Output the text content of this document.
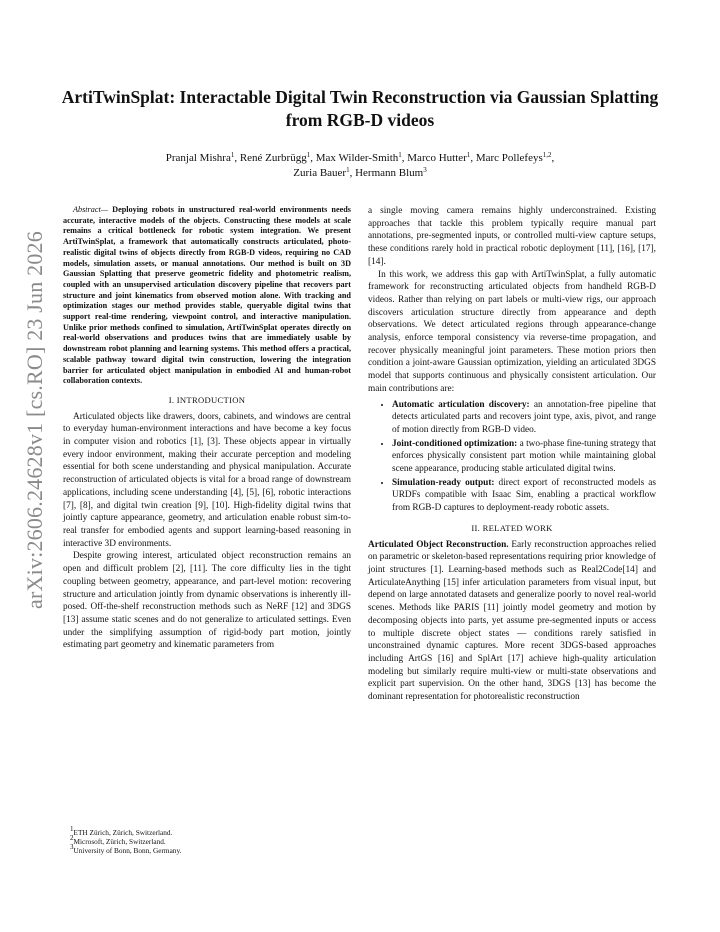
arXiv:2606.24628v1 [cs.RO] 23 Jun 2026
ArtiTwinSplat: Interactable Digital Twin Reconstruction via Gaussian Splatting from RGB-D videos
Pranjal Mishra$^1$, René Zurbrügg$^1$, Max Wilder-Smith$^1$, Marco Hutter$^1$, Marc Pollefeys$^{1,2}$,
Zuria Bauer$^1$, Hermann Blum$^3$

Abstract— Deploying robots in unstructured real-world environments needs accurate, interactive models of the objects. Constructing these models at scale remains a critical bottleneck for robotic system integration. We present ArtiTwinSplat, a framework that automatically constructs articulated, photo-realistic digital twins of objects directly from RGB-D videos, requiring no CAD models, simulation assets, or manual annotations. Our method is built on 3D Gaussian Splatting that preserve geometric fidelity and photometric realism, coupled with an unsupervised articulation discovery pipeline that recovers part structure and joint kinematics from observed motion alone. With tracking and optimization stages our method provides stable, queryable digital twins that support real-time rendering, viewpoint control, and interactive manipulation. Unlike prior methods confined to simulation, ArtiTwinSplat operates directly on real-world observations and produces twins that are immediately usable by downstream robot planning and learning systems. This method offers a practical, scalable pathway toward digital twin construction, lowering the integration barrier for articulated object manipulation in embodied AI and human-robot collaboration contexts.

I. INTRODUCTION

Articulated objects like drawers, doors, cabinets, and windows are central to everyday human-environment interactions and have become a key focus in computer vision and robotics [1], [3]. These objects appear in virtually every indoor environment, making their accurate perception and modeling essential for both scene understanding and physical manipulation. Accurate reconstruction of articulated objects is vital for a broad range of downstream applications, including scene understanding [4], [5], [6], robotic interactions [7], [8], and digital twin creation [9], [10]. High-fidelity digital twins that jointly capture appearance, geometry, and articulation enable robust sim-to-real transfer for embodied agents and support learning-based reasoning in interactive 3D environments.

Despite growing interest, articulated object reconstruction remains an open and difficult problem [2], [11]. The core difficulty lies in the tight coupling between geometry, appearance, and part-level motion: recovering structure and articulation jointly from dynamic observations is inherently ill-posed. Off-the-shelf reconstruction methods such as NeRF [12] and 3DGS [13] assume static scenes and do not generalize to articulated settings. Even under the simplifying assumption of rigid-body part motion, jointly estimating part geometry and kinematic parameters from

a single moving camera remains highly underconstrained. Existing approaches that tackle this problem typically require manual part annotations, pre-segmented inputs, or controlled multi-view capture setups, these conditions rarely hold in practical robotic deployment [11], [16], [17], [14].

In this work, we address this gap with ArtiTwinSplat, a fully automatic framework for reconstructing articulated objects from handheld RGB-D videos. Rather than relying on part labels or multi-view rigs, our approach discovers articulation structure directly from appearance and depth observations. We detect articulated regions through appearance-change analysis, enforce temporal consistency via reverse-time propagation, and recover physically meaningful joint parameters. These motion priors then condition a joint-aware Gaussian optimization, yielding an articulated 3DGS model that supports continuous and physically consistent articulation. Our main contributions are:

• Automatic articulation discovery: an annotation-free pipeline that detects articulated parts and recovers joint type, axis, pivot, and range of motion directly from RGB-D video.
• Joint-conditioned optimization: a two-phase fine-tuning strategy that enforces physically consistent part motion while maintaining global scene appearance, producing stable articulated digital twins.
• Simulation-ready output: direct export of reconstructed models as URDFs compatible with Isaac Sim, enabling a practical workflow from RGB-D captures to deployment-ready robotic assets.
II. RELATED WORK

Articulated Object Reconstruction. Early reconstruction approaches relied on parametric or skeleton-based representations requiring prior knowledge of joint structures [1]. Learning-based methods such as Real2Code[14] and ArticulateAnything [15] infer articulation parameters from visual input, but depend on large annotated datasets and generalize poorly to novel real-world scenes. Methods like PARIS [11] jointly model geometry and motion by decomposing objects into parts, yet assume pre-segmented inputs or access to multiple discrete object states — conditions rarely satisfied in unconstrained dynamic captures. More recent 3DGS-based approaches including ArtGS [16] and SplArt [17] achieve high-quality articulation modeling but similarly require multi-view or multi-state observations and explicit part supervision. On the other hand, 3DGS [13] has become the dominant representation for photorealistic reconstruction

$^1$ETH Zürich, Zürich, Switzerland.
$^2$Microsoft, Zürich, Switzerland.
$^3$University of Bonn, Bonn, Germany.
